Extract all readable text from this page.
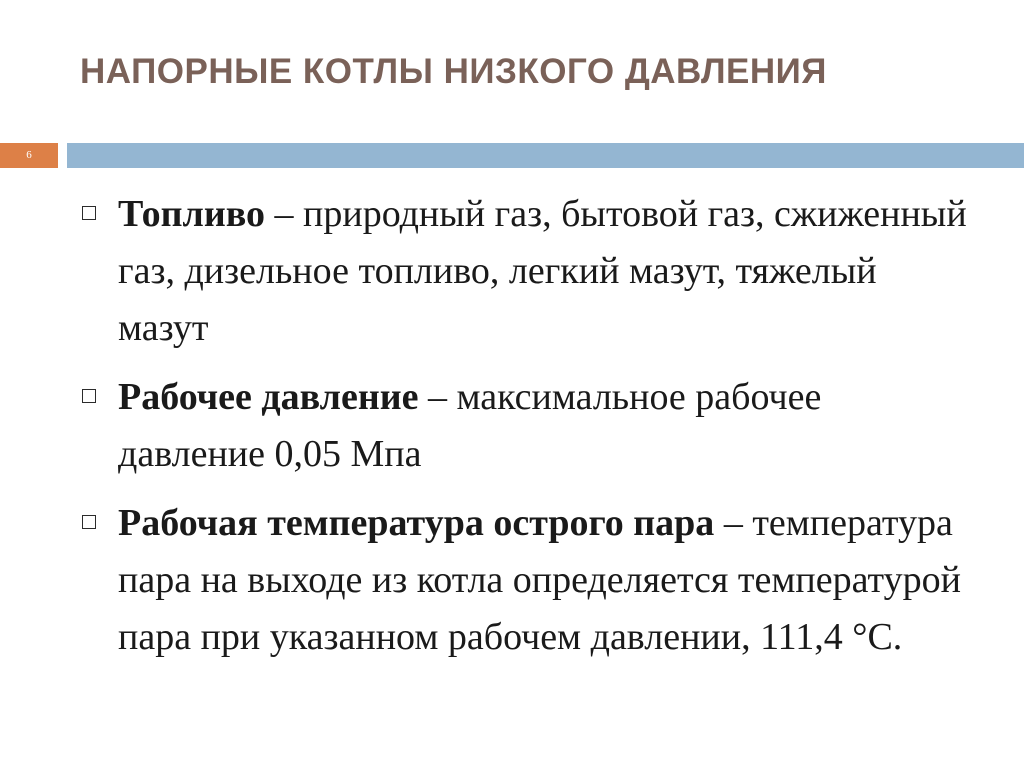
НАПОРНЫЕ КОТЛЫ НИЗКОГО ДАВЛЕНИЯ
6
Топливо – природный газ, бытовой газ, сжиженный газ, дизельное топливо, легкий мазут, тяжелый мазут
Рабочее давление – максимальное рабочее давление 0,05 Мпа
Рабочая температура острого пара – температура пара на выходе из котла определяется температурой пара при указанном рабочем давлении, 111,4 °С.
